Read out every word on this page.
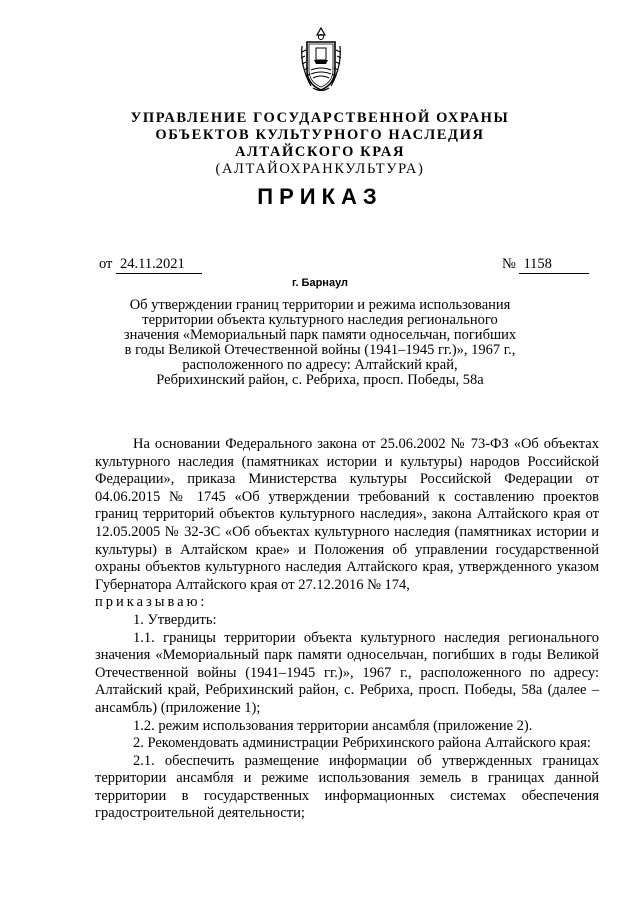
УПРАВЛЕНИЕ ГОСУДАРСТВЕННОЙ ОХРАНЫ
ОБЪЕКТОВ КУЛЬТУРНОГО НАСЛЕДИЯ
АЛТАЙСКОГО КРАЯ
(АЛТАЙОХРАНКУЛЬТУРА)
ПРИКАЗ
от 24.11.2021	№ 1158
г. Барнаул
Об утверждении границ территории и режима использования
территории объекта культурного наследия регионального
значения «Мемориальный парк памяти односельчан, погибших
в годы Великой Отечественной войны (1941–1945 гг.)», 1967 г.,
расположенного по адресу: Алтайский край,
Ребрихинский район, с. Ребриха, просп. Победы, 58а

На основании Федерального закона от 25.06.2002 № 73-ФЗ «Об объектах культурного наследия (памятниках истории и культуры) народов Российской Федерации», приказа Министерства культуры Российской Федерации от 04.06.2015 № 1745 «Об утверждении требований к составлению проектов границ территорий объектов культурного наследия», закона Алтайского края от 12.05.2005 № 32-ЗС «Об объектах культурного наследия (памятниках истории и культуры) в Алтайском крае» и Положения об управлении государственной охраны объектов культурного наследия Алтайского края, утвержденного указом Губернатора Алтайского края от 27.12.2016 № 174,

приказываю:

1. Утвердить:

1.1. границы территории объекта культурного наследия регионального значения «Мемориальный парк памяти односельчан, погибших в годы Великой Отечественной войны (1941–1945 гг.)», 1967 г., расположенного по адресу: Алтайский край, Ребрихинский район, с. Ребриха, просп. Победы, 58а (далее – ансамбль) (приложение 1);

1.2. режим использования территории ансамбля (приложение 2).

2. Рекомендовать администрации Ребрихинского района Алтайского края:

2.1. обеспечить размещение информации об утвержденных границах территории ансамбля и режиме использования земель в границах данной территории в государственных информационных системах обеспечения градостроительной деятельности;
